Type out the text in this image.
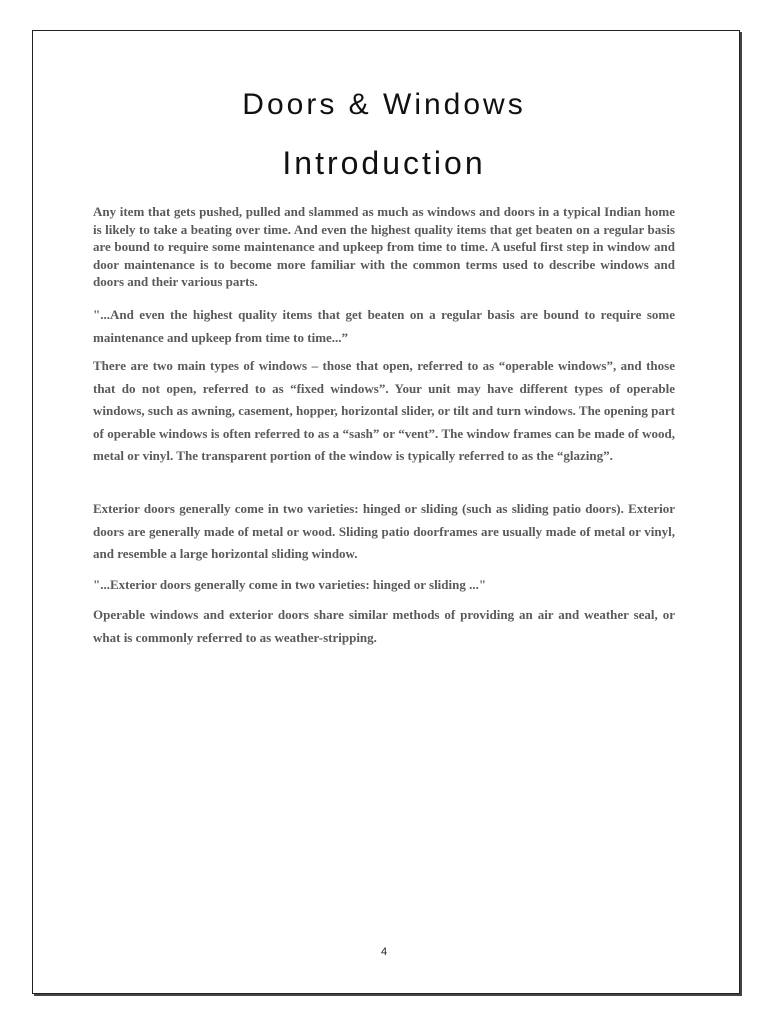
Doors & Windows
Introduction

Any item that gets pushed, pulled and slammed as much as windows and doors in a typical Indian home is likely to take a beating over time. And even the highest quality items that get beaten on a regular basis are bound to require some maintenance and upkeep from time to time. A useful first step in window and door maintenance is to become more familiar with the common terms used to describe windows and doors and their various parts.

"...And even the highest quality items that get beaten on a regular basis are bound to require some maintenance and upkeep from time to time...”

There are two main types of windows – those that open, referred to as “operable windows”, and those that do not open, referred to as “fixed windows”. Your unit may have different types of operable windows, such as awning, casement, hopper, horizontal slider, or tilt and turn windows. The opening part of operable windows is often referred to as a “sash” or “vent”. The window frames can be made of wood, metal or vinyl. The transparent portion of the window is typically referred to as the “glazing”.

Exterior doors generally come in two varieties: hinged or sliding (such as sliding patio doors). Exterior doors are generally made of metal or wood. Sliding patio doorframes are usually made of metal or vinyl, and resemble a large horizontal sliding window.

"...Exterior doors generally come in two varieties: hinged or sliding ..."

Operable windows and exterior doors share similar methods of providing an air and weather seal, or what is commonly referred to as weather-stripping.

4
